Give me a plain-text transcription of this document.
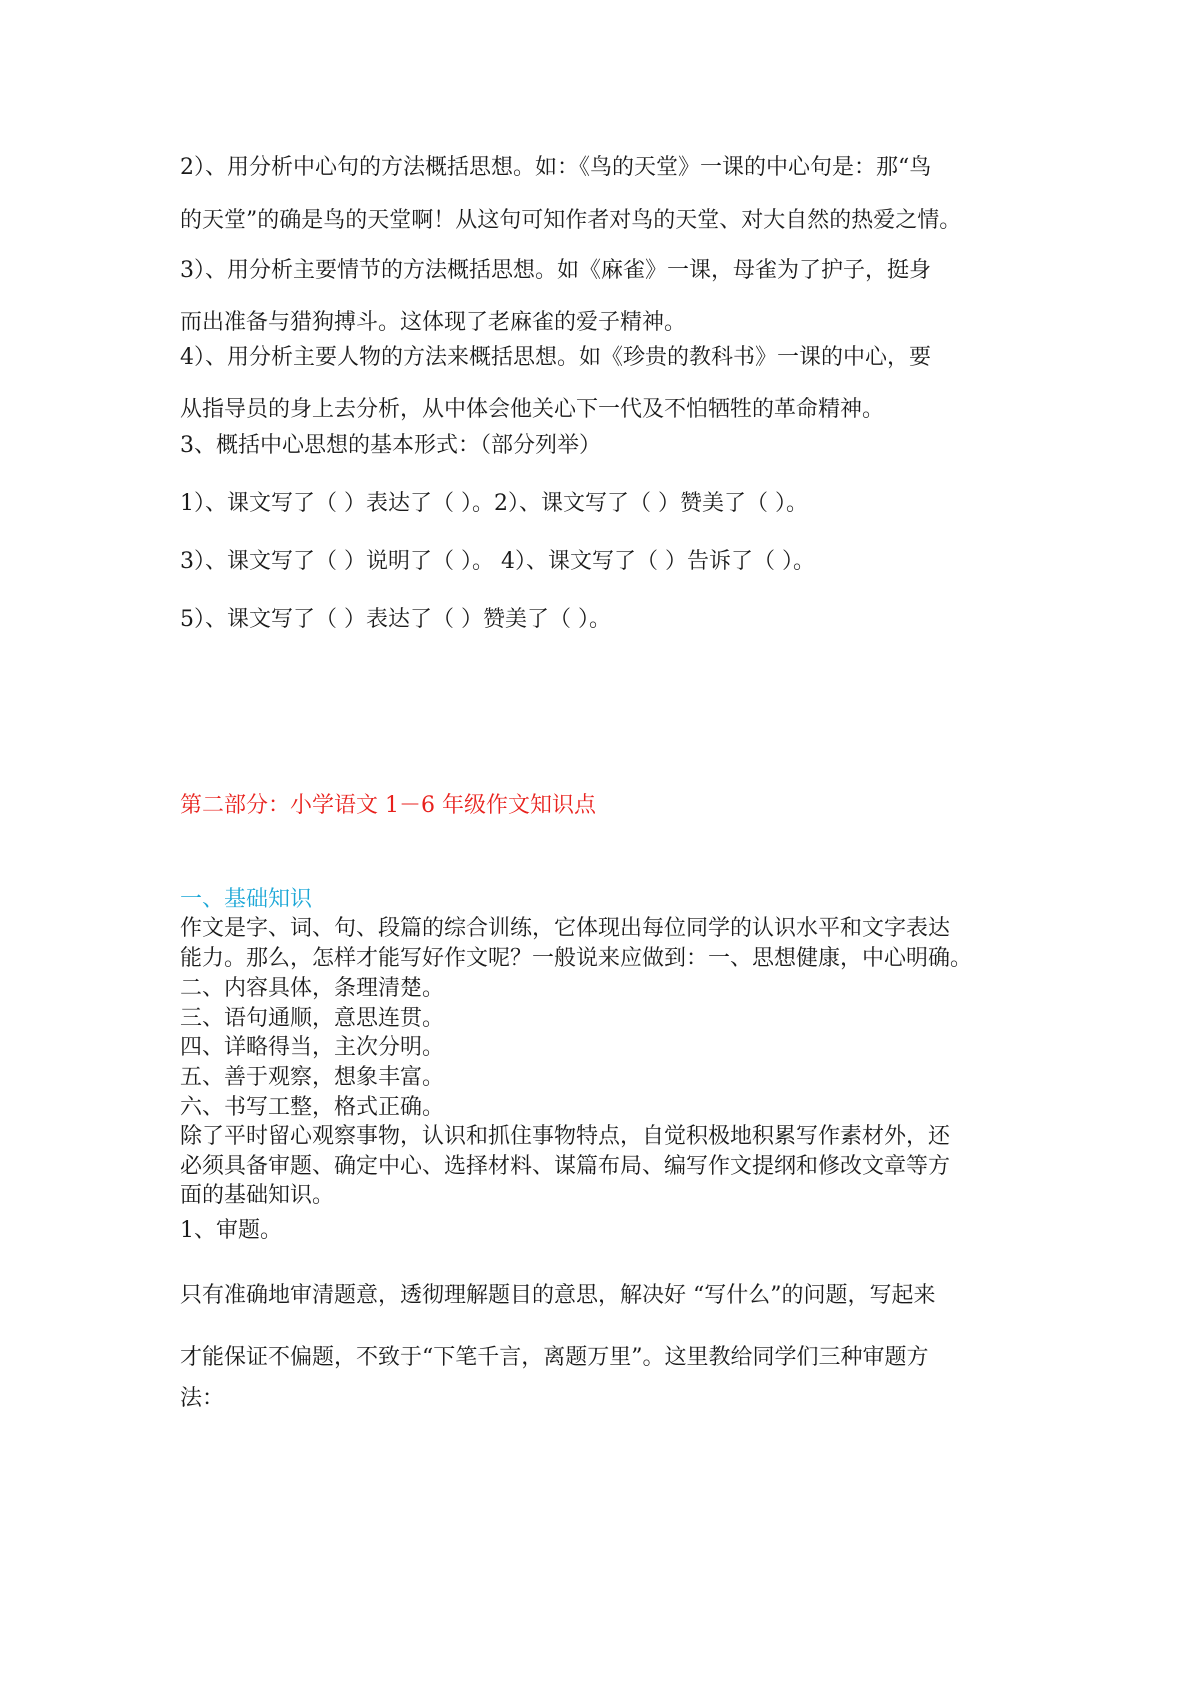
2）、用分析中心句的方法概括思想。如：《鸟的天堂》一课的中心句是：那“鸟
的天堂”的确是鸟的天堂啊！从这句可知作者对鸟的天堂、对大自然的热爱之情。
3）、用分析主要情节的方法概括思想。如《麻雀》一课，母雀为了护子，挺身
而出准备与猎狗搏斗。这体现了老麻雀的爱子精神。
4）、用分析主要人物的方法来概括思想。如《珍贵的教科书》一课的中心，要
从指导员的身上去分析，从中体会他关心下一代及不怕牺牲的革命精神。
3、概括中心思想的基本形式：（部分列举）
1）、课文写了（ ）表达了（ ）。2）、课文写了（ ）赞美了（ ）。
3）、课文写了（ ）说明了（ ）。 4）、课文写了（ ）告诉了（ ）。
5）、课文写了（ ）表达了（ ）赞美了（ ）。
第二部分：小学语文 1－6 年级作文知识点
一、基础知识
作文是字、词、句、段篇的综合训练，它体现出每位同学的认识水平和文字表达
能力。那么，怎样才能写好作文呢？一般说来应做到：一、思想健康，中心明确。
二、内容具体，条理清楚。
三、语句通顺，意思连贯。
四、详略得当，主次分明。
五、善于观察，想象丰富。
六、书写工整，格式正确。
除了平时留心观察事物，认识和抓住事物特点，自觉积极地积累写作素材外，还
必须具备审题、确定中心、选择材料、谋篇布局、编写作文提纲和修改文章等方
面的基础知识。
1、审题。
只有准确地审清题意，透彻理解题目的意思，解决好 “写什么”的问题，写起来
才能保证不偏题，不致于“下笔千言，离题万里”。这里教给同学们三种审题方
法：
